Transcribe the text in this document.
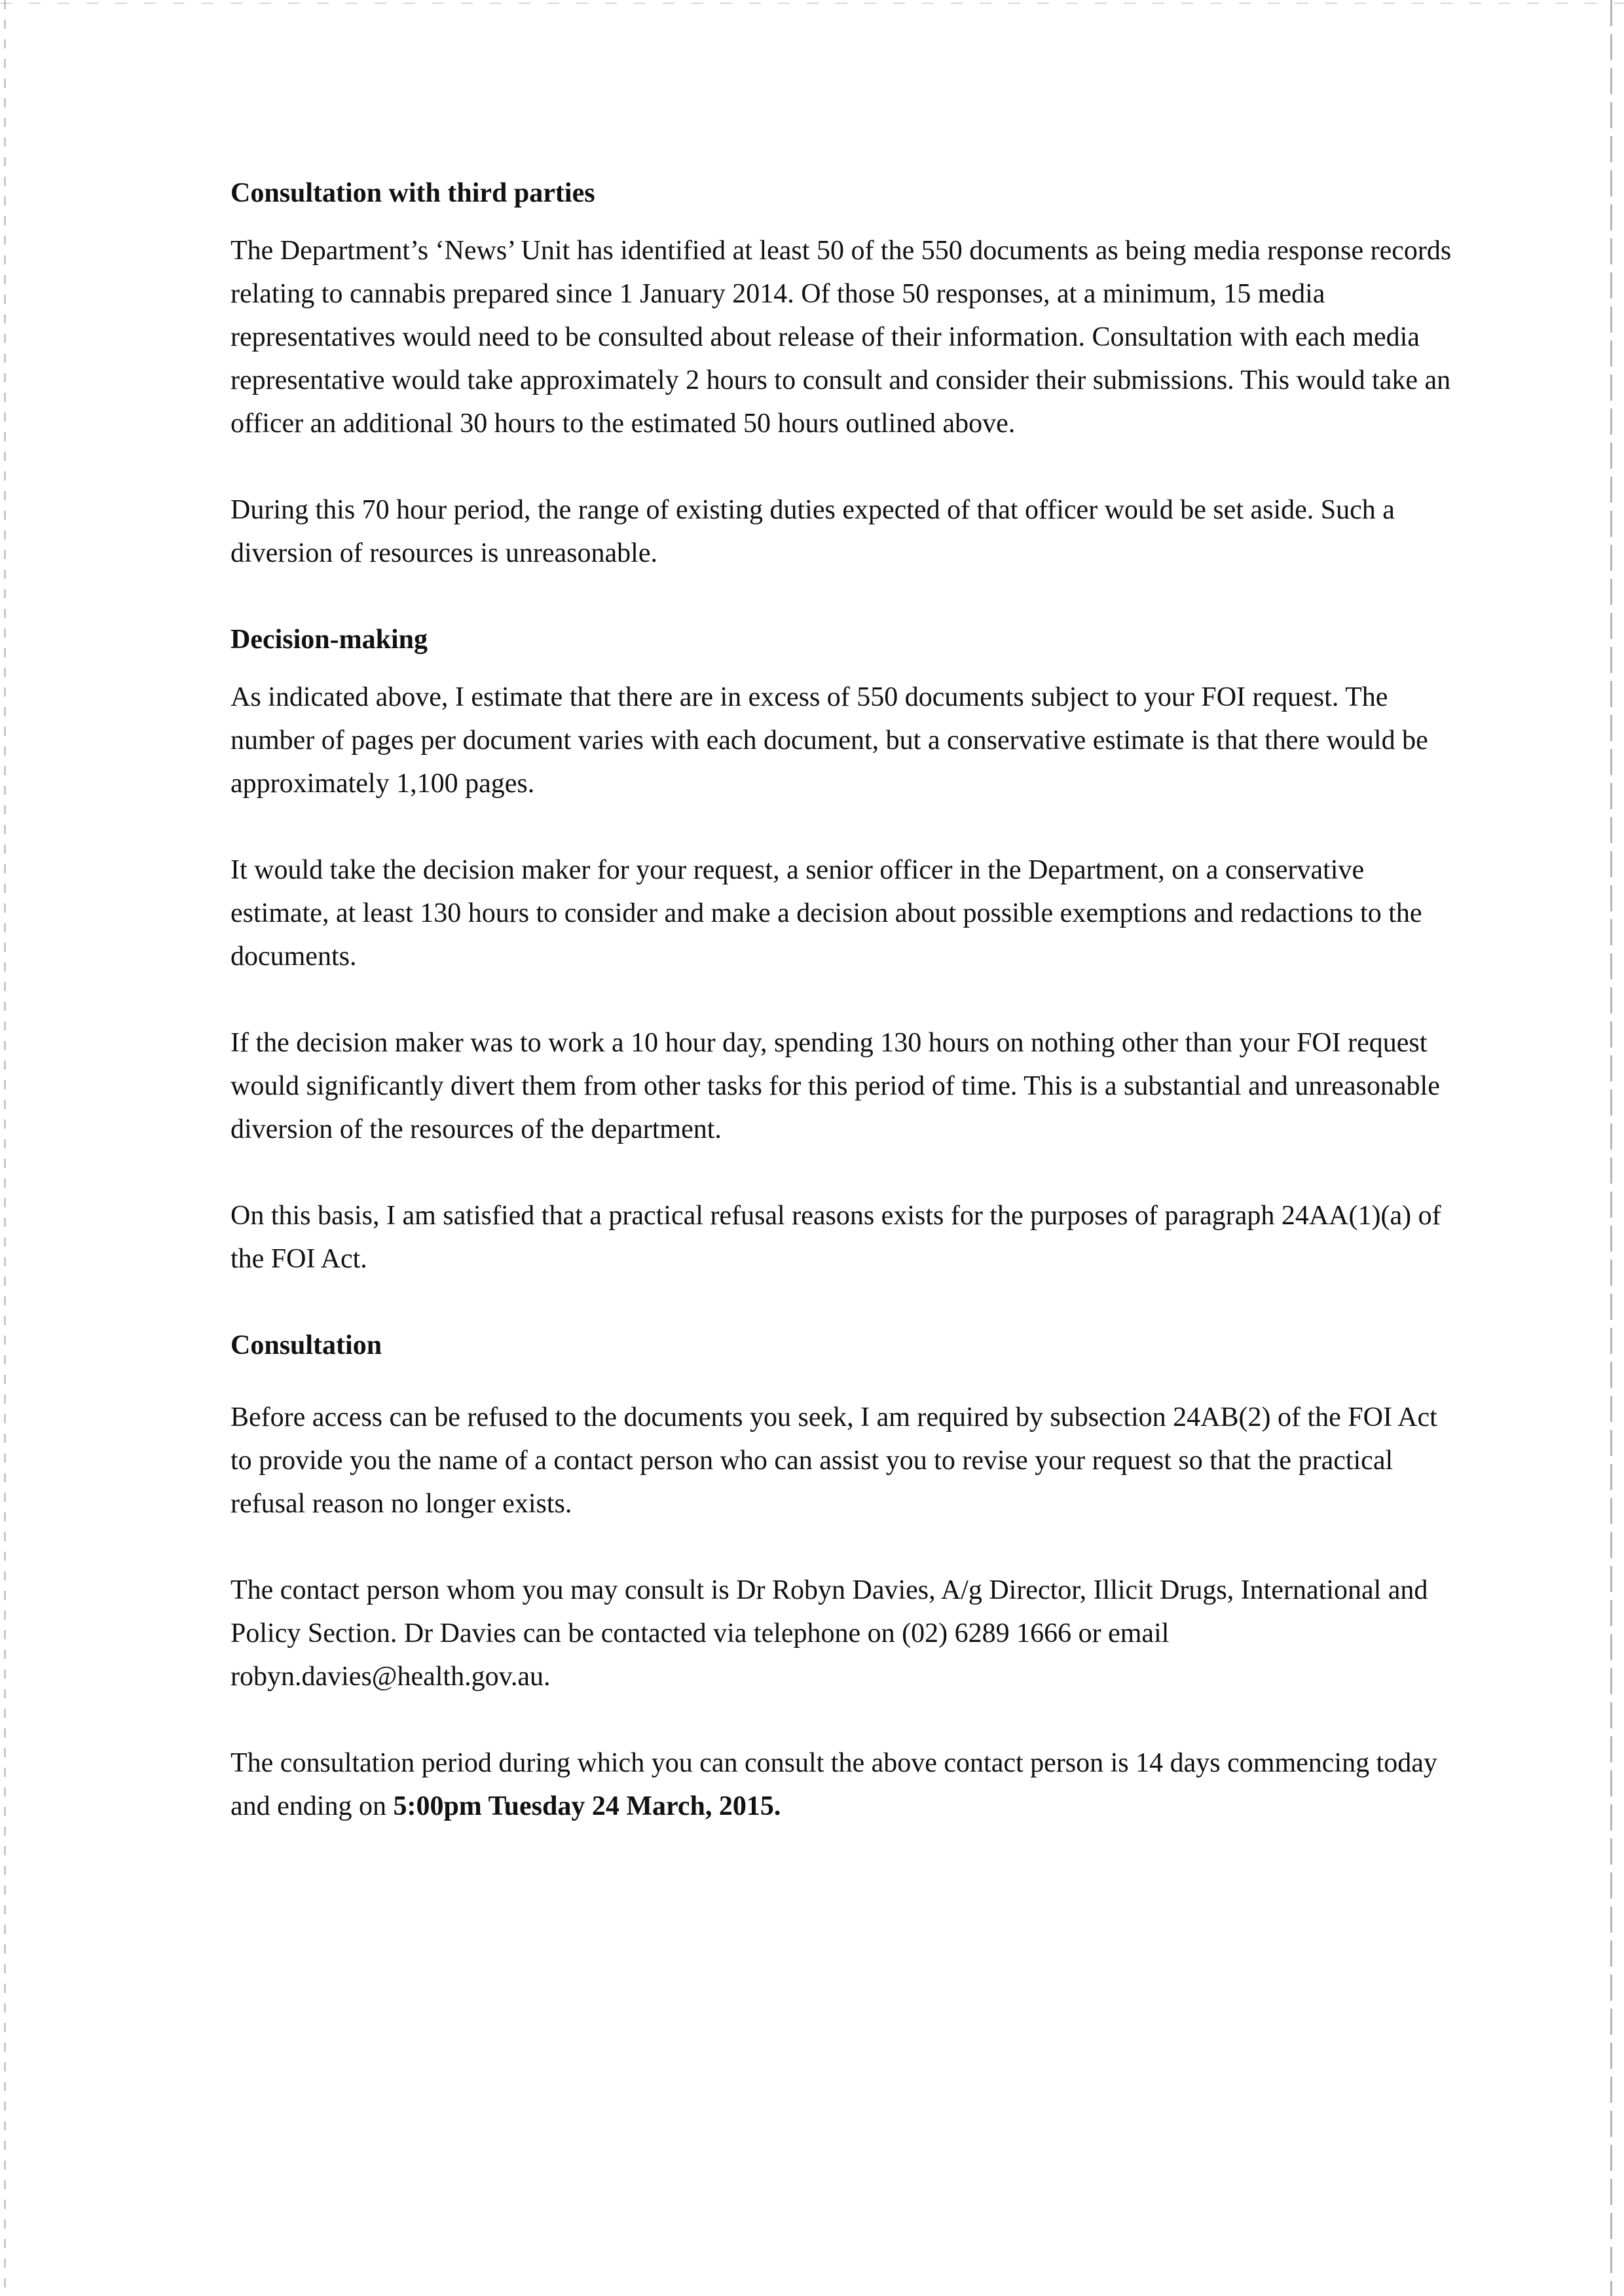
Consultation with third parties

The Department’s ‘News’ Unit has identified at least 50 of the 550 documents as being media response records relating to cannabis prepared since 1 January 2014. Of those 50 responses, at a minimum, 15 media representatives would need to be consulted about release of their information. Consultation with each media representative would take approximately 2 hours to consult and consider their submissions. This would take an officer an additional 30 hours to the estimated 50 hours outlined above.

During this 70 hour period, the range of existing duties expected of that officer would be set aside. Such a diversion of resources is unreasonable.

Decision-making

As indicated above, I estimate that there are in excess of 550 documents subject to your FOI request. The number of pages per document varies with each document, but a conservative estimate is that there would be approximately 1,100 pages.

It would take the decision maker for your request, a senior officer in the Department, on a conservative estimate, at least 130 hours to consider and make a decision about possible exemptions and redactions to the documents.

If the decision maker was to work a 10 hour day, spending 130 hours on nothing other than your FOI request would significantly divert them from other tasks for this period of time. This is a substantial and unreasonable diversion of the resources of the department.

On this basis, I am satisfied that a practical refusal reasons exists for the purposes of paragraph 24AA(1)(a) of the FOI Act.

Consultation

Before access can be refused to the documents you seek, I am required by subsection 24AB(2) of the FOI Act to provide you the name of a contact person who can assist you to revise your request so that the practical refusal reason no longer exists.

The contact person whom you may consult is Dr Robyn Davies, A/g Director, Illicit Drugs, International and Policy Section. Dr Davies can be contacted via telephone on (02) 6289 1666 or email robyn.davies@health.gov.au.

The consultation period during which you can consult the above contact person is 14 days commencing today and ending on 5:00pm Tuesday 24 March, 2015.
